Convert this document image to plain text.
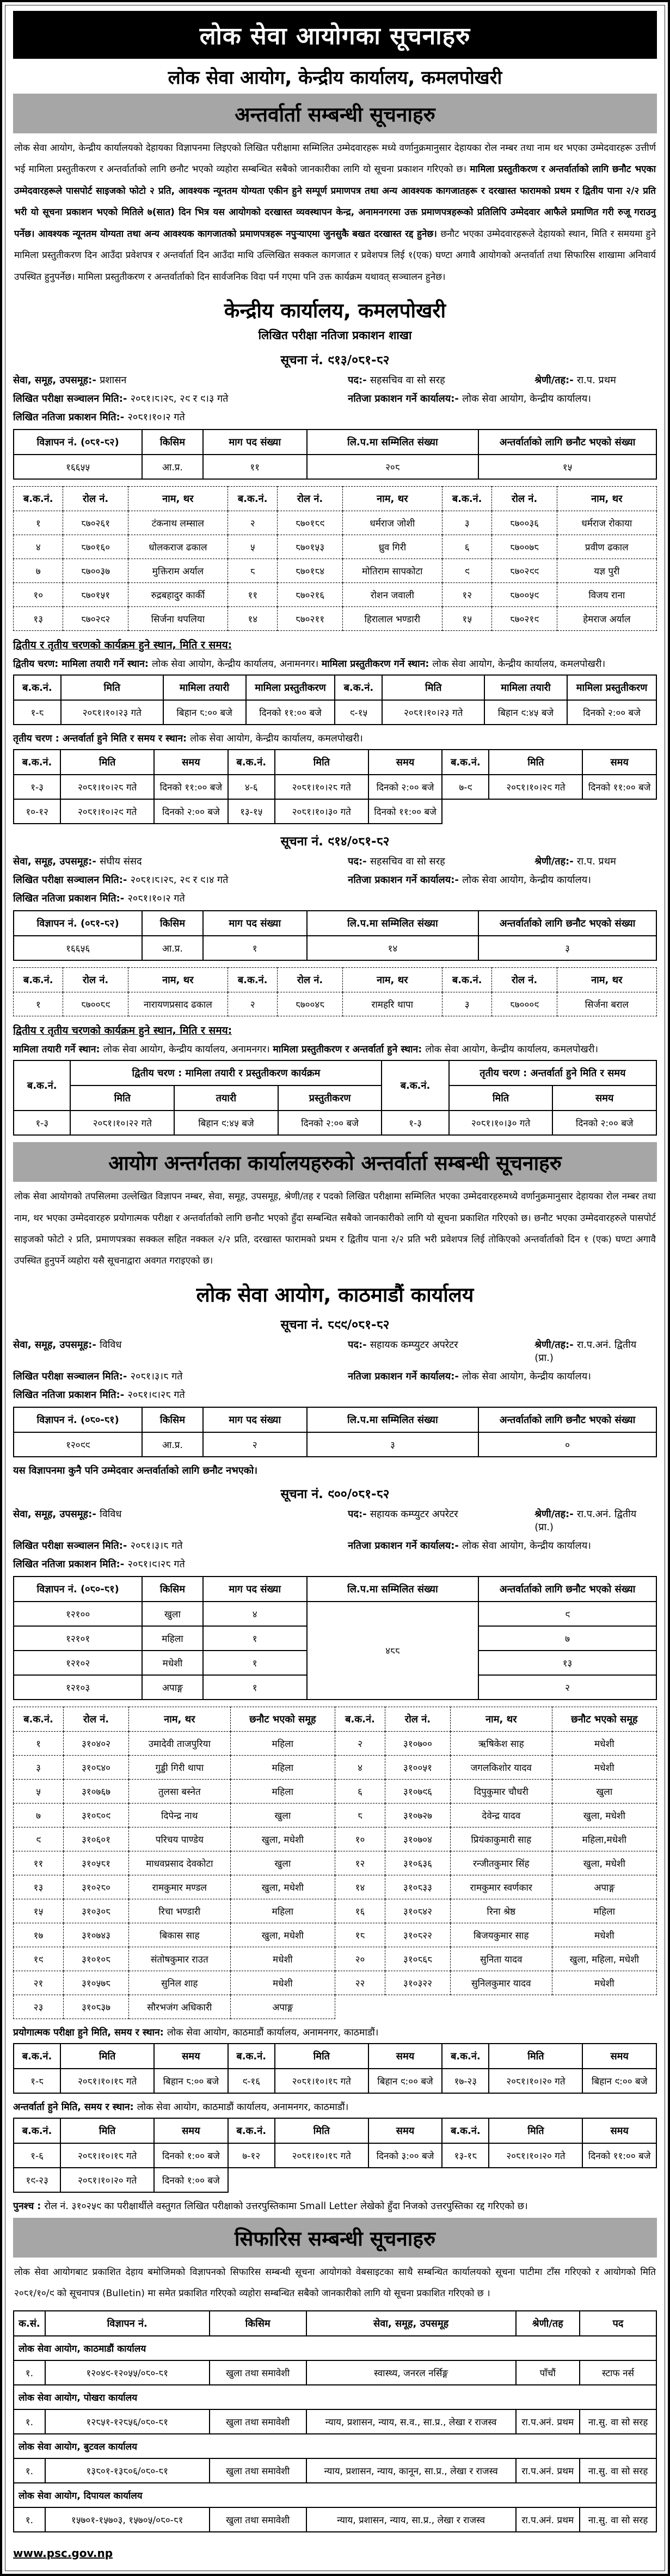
लोक सेवा आयोगका सूचनाहरु
लोक सेवा आयोग, केन्द्रीय कार्यालय, कमलपोखरी
अन्तर्वार्ता सम्बन्धी सूचनाहरु

लोक सेवा आयोग, केन्द्रीय कार्यालयको देहायका विज्ञापनमा लिइएको लिखित परीक्षामा सम्मिलित उम्मेदवारहरू मध्ये वर्णानुक्रमानुसार देहायका रोल नम्बर तथा नाम थर भएका उम्मेदवारहरू उत्तीर्ण भई मामिला प्रस्तुतीकरण र अन्तर्वार्ताको लागि छनौट भएको व्यहोरा सम्बन्धित सबैको जानकारीका लागि यो सूचना प्रकाशन गरिएको छ। मामिला प्रस्तुतीकरण र अन्तर्वार्ताको लागि छनौट भएका उम्मेदवारहरूले पासपोर्ट साइजको फोटो २ प्रति, आवश्यक न्यूनतम योग्यता एकीन हुने सम्पूर्ण प्रमाणपत्र तथा अन्य आवश्यक कागजातहरू र दरखास्त फारामको प्रथम र द्वितीय पाना २/२ प्रति भरी यो सूचना प्रकाशन भएको मितिले ७(सात) दिन भित्र यस आयोगको दरखास्त व्यवस्थापन केन्द्र, अनामनगरमा उक्त प्रमाणपत्रहरूको प्रतिलिपि उम्मेदवार आफैले प्रमाणित गरी रुजू गराउनु पर्नेछ। आवश्यक न्यूनतम योग्यता तथा अन्य आवश्यक कागजातको प्रमाणपत्रहरू नपुऱ्याएमा जुनसुकै बखत दरखास्त रद्द हुनेछ। छनौट भएका उम्मेदवारहरूले देहायको स्थान, मिति र समयमा हुने मामिला प्रस्तुतीकरण दिन आउँदा प्रवेशपत्र र अन्तर्वार्ता दिन आउँदा माथि उल्लिखित सक्कल कागजात र प्रवेशपत्र लिई १(एक) घण्टा अगावै आयोगको अन्तर्वार्ता तथा सिफारिस शाखामा अनिवार्य उपस्थित हुनुपर्नेछ। मामिला प्रस्तुतीकरण र अन्तर्वार्ताको दिन सार्वजनिक विदा पर्न गएमा पनि उक्त कार्यक्रम यथावत् सञ्चालन हुनेछ।

केन्द्रीय कार्यालय, कमलपोखरी
लिखित परीक्षा नतिजा प्रकाशन शाखा
सूचना नं. ९१३/०८१-८२
सेवा, समूह, उपसमूह:- प्रशासन	पद:- सहसचिव वा सो सरह	श्रेणी/तह:- रा.प. प्रथम
लिखित परीक्षा सञ्चालन मिति:- २०८१।८।२८, २९ र ९।३ गते	नतिजा प्रकाशन गर्ने कार्यालय:- लोक सेवा आयोग, केन्द्रीय कार्यालय।
लिखित नतिजा प्रकाशन मिति:- २०८१।१०।२ गते
विज्ञापन नं. (०८१-८२)	किसिम	माग पद संख्या	लि.प.मा सम्मिलित संख्या	अन्तर्वार्ताको लागि छनौट भएको संख्या
१६६५५	आ.प्र.	११	२०८	१५
ब.क.नं.	रोल नं.	नाम, थर	ब.क.नं.	रोल नं.	नाम, थर	ब.क.नं.	रोल नं.	नाम, थर
१	८७०२६१	टंकनाथ लम्साल	२	८७०१८९	धर्मराज जोशी	३	८७००३६	धर्मराज रोकाया
४	८७०१६०	धोलकराज ढकाल	५	८७०१५३	ध्रुव गिरी	६	८७००७८	प्रवीण ढकाल
७	८७००३७	मुक्तिराम अर्याल	८	८७०१८४	मोतिराम सापकोटा	९	८७०२९९	यज्ञ पुरी
१०	८७०१५१	रुद्रबहादुर कार्की	११	८७०२१६	रोशन जवाली	१२	८७००५९	विजय राना
१३	८७०२९२	सिर्जना थपलिया	१४	८७०२११	हिरालाल भण्डारी	१५	८७०२१९	हेमराज अर्याल
द्वितीय र तृतीय चरणको कार्यक्रम हुने स्थान, मिति र समय:

द्वितीय चरण: मामिला तयारी गर्ने स्थान: लोक सेवा आयोग, केन्द्रीय कार्यालय, अनामनगर। मामिला प्रस्तुतीकरण गर्ने स्थान: लोक सेवा आयोग, केन्द्रीय कार्यालय, कमलपोखरी।

ब.क.नं.	मिति	मामिला तयारी	मामिला प्रस्तुतीकरण	ब.क.नं.	मिति	मामिला तयारी	मामिला प्रस्तुतीकरण
१-८	२०८१।१०।२३ गते	बिहान ८:०० बजे	दिनको ११:०० बजे	९-१५	२०८१।१०।२३ गते	बिहान ९:४५ बजे	दिनको २:०० बजे

तृतीय चरण : अन्तर्वार्ता हुने मिति र समय र स्थान: लोक सेवा आयोग, केन्द्रीय कार्यालय, कमलपोखरी।

ब.क.नं.	मिति	समय	ब.क.नं.	मिति	समय	ब.क.नं.	मिति	समय
१-३	२०८१।१०।२८ गते	दिनको ११:०० बजे	४-६	२०८१।१०।२८ गते	दिनको २:०० बजे	७-९	२०८१।१०।२९ गते	दिनको ११:०० बजे
१०-१२	२०८१।१०।२९ गते	दिनको २:०० बजे	१३-१५	२०८१।१०।३० गते	दिनको ११:०० बजे			
सूचना नं. ९१४/०८१-८२
सेवा, समूह, उपसमूह:- संघीय संसद	पद:- सहसचिव वा सो सरह	श्रेणी/तह:- रा.प. प्रथम
लिखित परीक्षा सञ्चालन मिति:- २०८१।८।२८, २९ र ९।४ गते	नतिजा प्रकाशन गर्ने कार्यालय:- लोक सेवा आयोग, केन्द्रीय कार्यालय।
लिखित नतिजा प्रकाशन मिति:- २०८१।१०।२ गते
विज्ञापन नं. (०८१-८२)	किसिम	माग पद संख्या	लि.प.मा सम्मिलित संख्या	अन्तर्वार्ताको लागि छनौट भएको संख्या
१६६५६	आ.प्र.	१	१४	३
ब.क.नं.	रोल नं.	नाम, थर	ब.क.नं.	रोल नं.	नाम, थर	ब.क.नं.	रोल नं.	नाम, थर
१	८७००८९	नारायणप्रसाद ढकाल	२	८७००४८	रामहरि थापा	३	८७०००९	सिर्जना बराल
द्वितीय र तृतीय चरणको कार्यक्रम हुने स्थान, मिति र समय:

मामिला तयारी गर्ने स्थान: लोक सेवा आयोग, केन्द्रीय कार्यालय, अनामनगर। मामिला प्रस्तुतीकरण र अन्तर्वार्ता हुने स्थान: लोक सेवा आयोग, केन्द्रीय कार्यालय, कमलपोखरी।

ब.क.नं.	द्वितीय चरण : मामिला तयारी र प्रस्तुतीकरण कार्यक्रम			ब.क.नं.	तृतीय चरण : अन्तर्वार्ता हुने मिति र समय	
	मिति	तयारी	प्रस्तुतीकरण		मिति	समय
१-३	२०८१।१०।२२ गते	बिहान ९:४५ बजे	दिनको २:०० बजे	१-३	२०८१।१०।३० गते	दिनको २:०० बजे
आयोग अन्तर्गतका कार्यालयहरुको अन्तर्वार्ता सम्बन्धी सूचनाहरु

लोक सेवा आयोगको तपसिलमा उल्लेखित विज्ञापन नम्बर, सेवा, समूह, उपसमूह, श्रेणी/तह र पदको लिखित परीक्षामा सम्मिलित भएका उम्मेदवारहरुमध्ये वर्णानुक्रमानुसार देहायका रोल नम्बर तथा नाम, थर भएका उम्मेदवारहरु प्रयोगात्मक परीक्षा र अन्तर्वार्ताको लागि छनौट भएको हुँदा सम्बन्धित सबैको जानकारीको लागि यो सूचना प्रकाशित गरिएको छ। छनौट भएका उम्मेदवारहरुले पासपोर्ट साइजको फोटो २ प्रति, प्रमाणपत्रका सक्कल सहित नक्कल २/२ प्रति, दरखास्त फारामको प्रथम र द्वितीय पाना २/२ प्रति भरी प्रवेशपत्र लिई तोकिएको अन्तर्वार्ताको दिन १ (एक) घण्टा अगावै उपस्थित हुनुपर्ने व्यहोरा यसै सूचनाद्वारा अवगत गराइएको छ।

लोक सेवा आयोग, काठमाडौं कार्यालय
सूचना नं. ८९९/०८१-८२
सेवा, समूह, उपसमूह:- विविध	पद:- सहायक कम्प्युटर अपरेटर	श्रेणी/तह:- रा.प.अनं. द्वितीय (प्रा.)
लिखित परीक्षा सञ्चालन मिति:- २०८१।३।८ गते	नतिजा प्रकाशन गर्ने कार्यालय:- लोक सेवा आयोग, केन्द्रीय कार्यालय।
लिखित नतिजा प्रकाशन मिति:- २०८१।९।२८ गते
विज्ञापन नं. (०८०-८१)	किसिम	माग पद संख्या	लि.प.मा सम्मिलित संख्या	अन्तर्वार्ताको लागि छनौट भएको संख्या
१२०९९	आ.प्र.	२	३	०

यस विज्ञापनमा कुनै पनि उम्मेदवार अन्तर्वार्ताको लागि छनौट नभएको।

सूचना नं. ९००/०८१-८२
सेवा, समूह, उपसमूह:- विविध	पद:- सहायक कम्प्युटर अपरेटर	श्रेणी/तह:- रा.प.अनं. द्वितीय (प्रा.)
लिखित परीक्षा सञ्चालन मिति:- २०८१।३।८ गते	नतिजा प्रकाशन गर्ने कार्यालय:- लोक सेवा आयोग, केन्द्रीय कार्यालय।
लिखित नतिजा प्रकाशन मिति:- २०८१।९।२८ गते
विज्ञापन नं. (०८०-८१)	किसिम	माग पद संख्या	लि.प.मा सम्मिलित संख्या	अन्तर्वार्ताको लागि छनौट भएको संख्या
१२१००	खुला	४	४८८	९
१२१०१	महिला	१		७
१२१०२	मधेशी	१		१३
१२१०३	अपाङ्ग	१		२
ब.क.नं.	रोल नं.	नाम, थर	छनौट भएको समूह	ब.क.नं.	रोल नं.	नाम, थर	छनौट भएको समूह
१	३१०४०२	उमादेवी ताजपुरिया	महिला	२	३१०७००	ऋषिकेश साह	मधेशी
३	३१०८४०	गुड्डी गिरी थापा	महिला	४	३१००५१	जगलकिशोर यादव	मधेशी
५	३१०७६७	तुलसा बस्नेत	महिला	६	३१०७९६	दिपुकुमार चौधरी	खुला
७	३१०८०९	दिपेन्द्र नाथ	खुला	८	३१०७२७	देवेन्द्र यादव	खुला, मधेशी
९	३१०६०१	परिचय पाण्डेय	खुला, मधेशी	१०	३१०७०४	प्रियंकाकुमारी साह	महिला,मधेशी
११	३१०५८१	माधवप्रसाद देवकोटा	खुला	१२	३१०६३६	रन्जीतकुमार सिंह	खुला, मधेशी
१३	३१०२८०	रामकुमार मण्डल	खुला, मधेशी	१४	३१०८३३	रामकुमार स्वर्णकार	अपाङ्ग
१५	३१०३०८	रिचा भण्डारी	महिला	१६	३१०८४२	रिना श्रेष्ठ	महिला
१७	३१०७४३	बिकास साह	खुला, मधेशी	१८	३१०८२२	बिजयकुमार साह	मधेशी
१९	३१०१०८	संतोषकुमार राउत	मधेशी	२०	३१०८६८	सुनिता यादव	खुला, महिला, मधेशी
२१	३१०५७८	सुनिल शाह	मधेशी	२२	३१०३२२	सुनिलकुमार यादव	मधेशी
२३	३१०८३७	सौरभजंग अधिकारी	अपाङ्ग				

प्रयोगात्मक परीक्षा हुने मिति, समय र स्थान: लोक सेवा आयोग, काठमाडौं कार्यालय, अनामनगर, काठमाडौं।

ब.क.नं.	मिति	समय	ब.क.नं.	मिति	समय	ब.क.नं.	मिति	समय
१-८	२०८१।१०।१८ गते	बिहान ८:०० बजे	९-१६	२०८१।१०।१८ गते	बिहान ९:०० बजे	१७-२३	२०८१।१०।२० गते	बिहान ९:०० बजे

अन्तर्वार्ता हुने मिति, समय र स्थान: लोक सेवा आयोग, काठमाडौं कार्यालय, अनामनगर, काठमाडौं।

ब.क.नं.	मिति	समय	ब.क.नं.	मिति	समय	ब.क.नं.	मिति	समय
१-६	२०८१।१०।१८ गते	दिनको १:०० बजे	७-१२	२०८१।१०।१८ गते	दिनको ३:०० बजे	१३-१८	२०८१।१०।२० गते	दिनको ११:०० बजे
१९-२३	२०८१।१०।२० गते	दिनको १:०० बजे						

पुनश्च : रोल नं. ३१०२५९ का परीक्षार्थीले वस्तुगत लिखित परीक्षाको उत्तरपुस्तिकामा Small Letter लेखेको हुँदा निजको उत्तरपुस्तिका रद्द गरिएको छ।

सिफारिस सम्बन्धी सूचनाहरु

लोक सेवा आयोगबाट प्रकाशित देहाय बमोजिमको विज्ञापनको सिफारिस सम्बन्धी सूचना आयोगको वेबसाइटका साथै सम्बन्धित कार्यालयको सूचना पाटीमा टाँस गरिएको र आयोगको मिति २०८१/१०/९ को सूचनापत्र (Bulletin) मा समेत प्रकाशित गरिएको व्यहोरा सम्बन्धित सबैको जानकारीको लागि यो सूचना प्रकाशित गरिएको छ ।

क.सं.	विज्ञापन नं.	किसिम	सेवा, समूह, उपसमूह	श्रेणी/तह	पद
लोक सेवा आयोग, काठमाडौं कार्यालय					
१.	१२०४९-१२०५५/०८०-८१	खुला तथा समावेशी	स्वास्थ्य, जनरल नर्सिङ्ग	पाँचौं	स्टाफ नर्स
लोक सेवा आयोग, पोखरा कार्यालय					
१.	१२८५१-१२८५६/०८०-८१	खुला तथा समावेशी	न्याय, प्रशासन, न्याय, स.व., सा.प्र., लेखा र राजस्व	रा.प.अनं. प्रथम	ना.सु. वा सो सरह
लोक सेवा आयोग, बुटवल कार्यालय					
१.	१३८०१-१३८०६/०८०-८१	खुला तथा समावेशी	न्याय, प्रशासन, न्याय, कानून, सा.प्र., लेखा र राजस्व	रा.प.अनं. प्रथम	ना.सु. वा सो सरह
लोक सेवा आयोग, दिपायल कार्यालय					
१.	१५७०१-१५७०३, १५७०५/०८०-८१	खुला तथा समावेशी	न्याय, प्रशासन, न्याय, सा.प्र., लेखा र राजस्व	रा.प.अनं. प्रथम	ना.सु. वा सो सरह
www.psc.gov.np
